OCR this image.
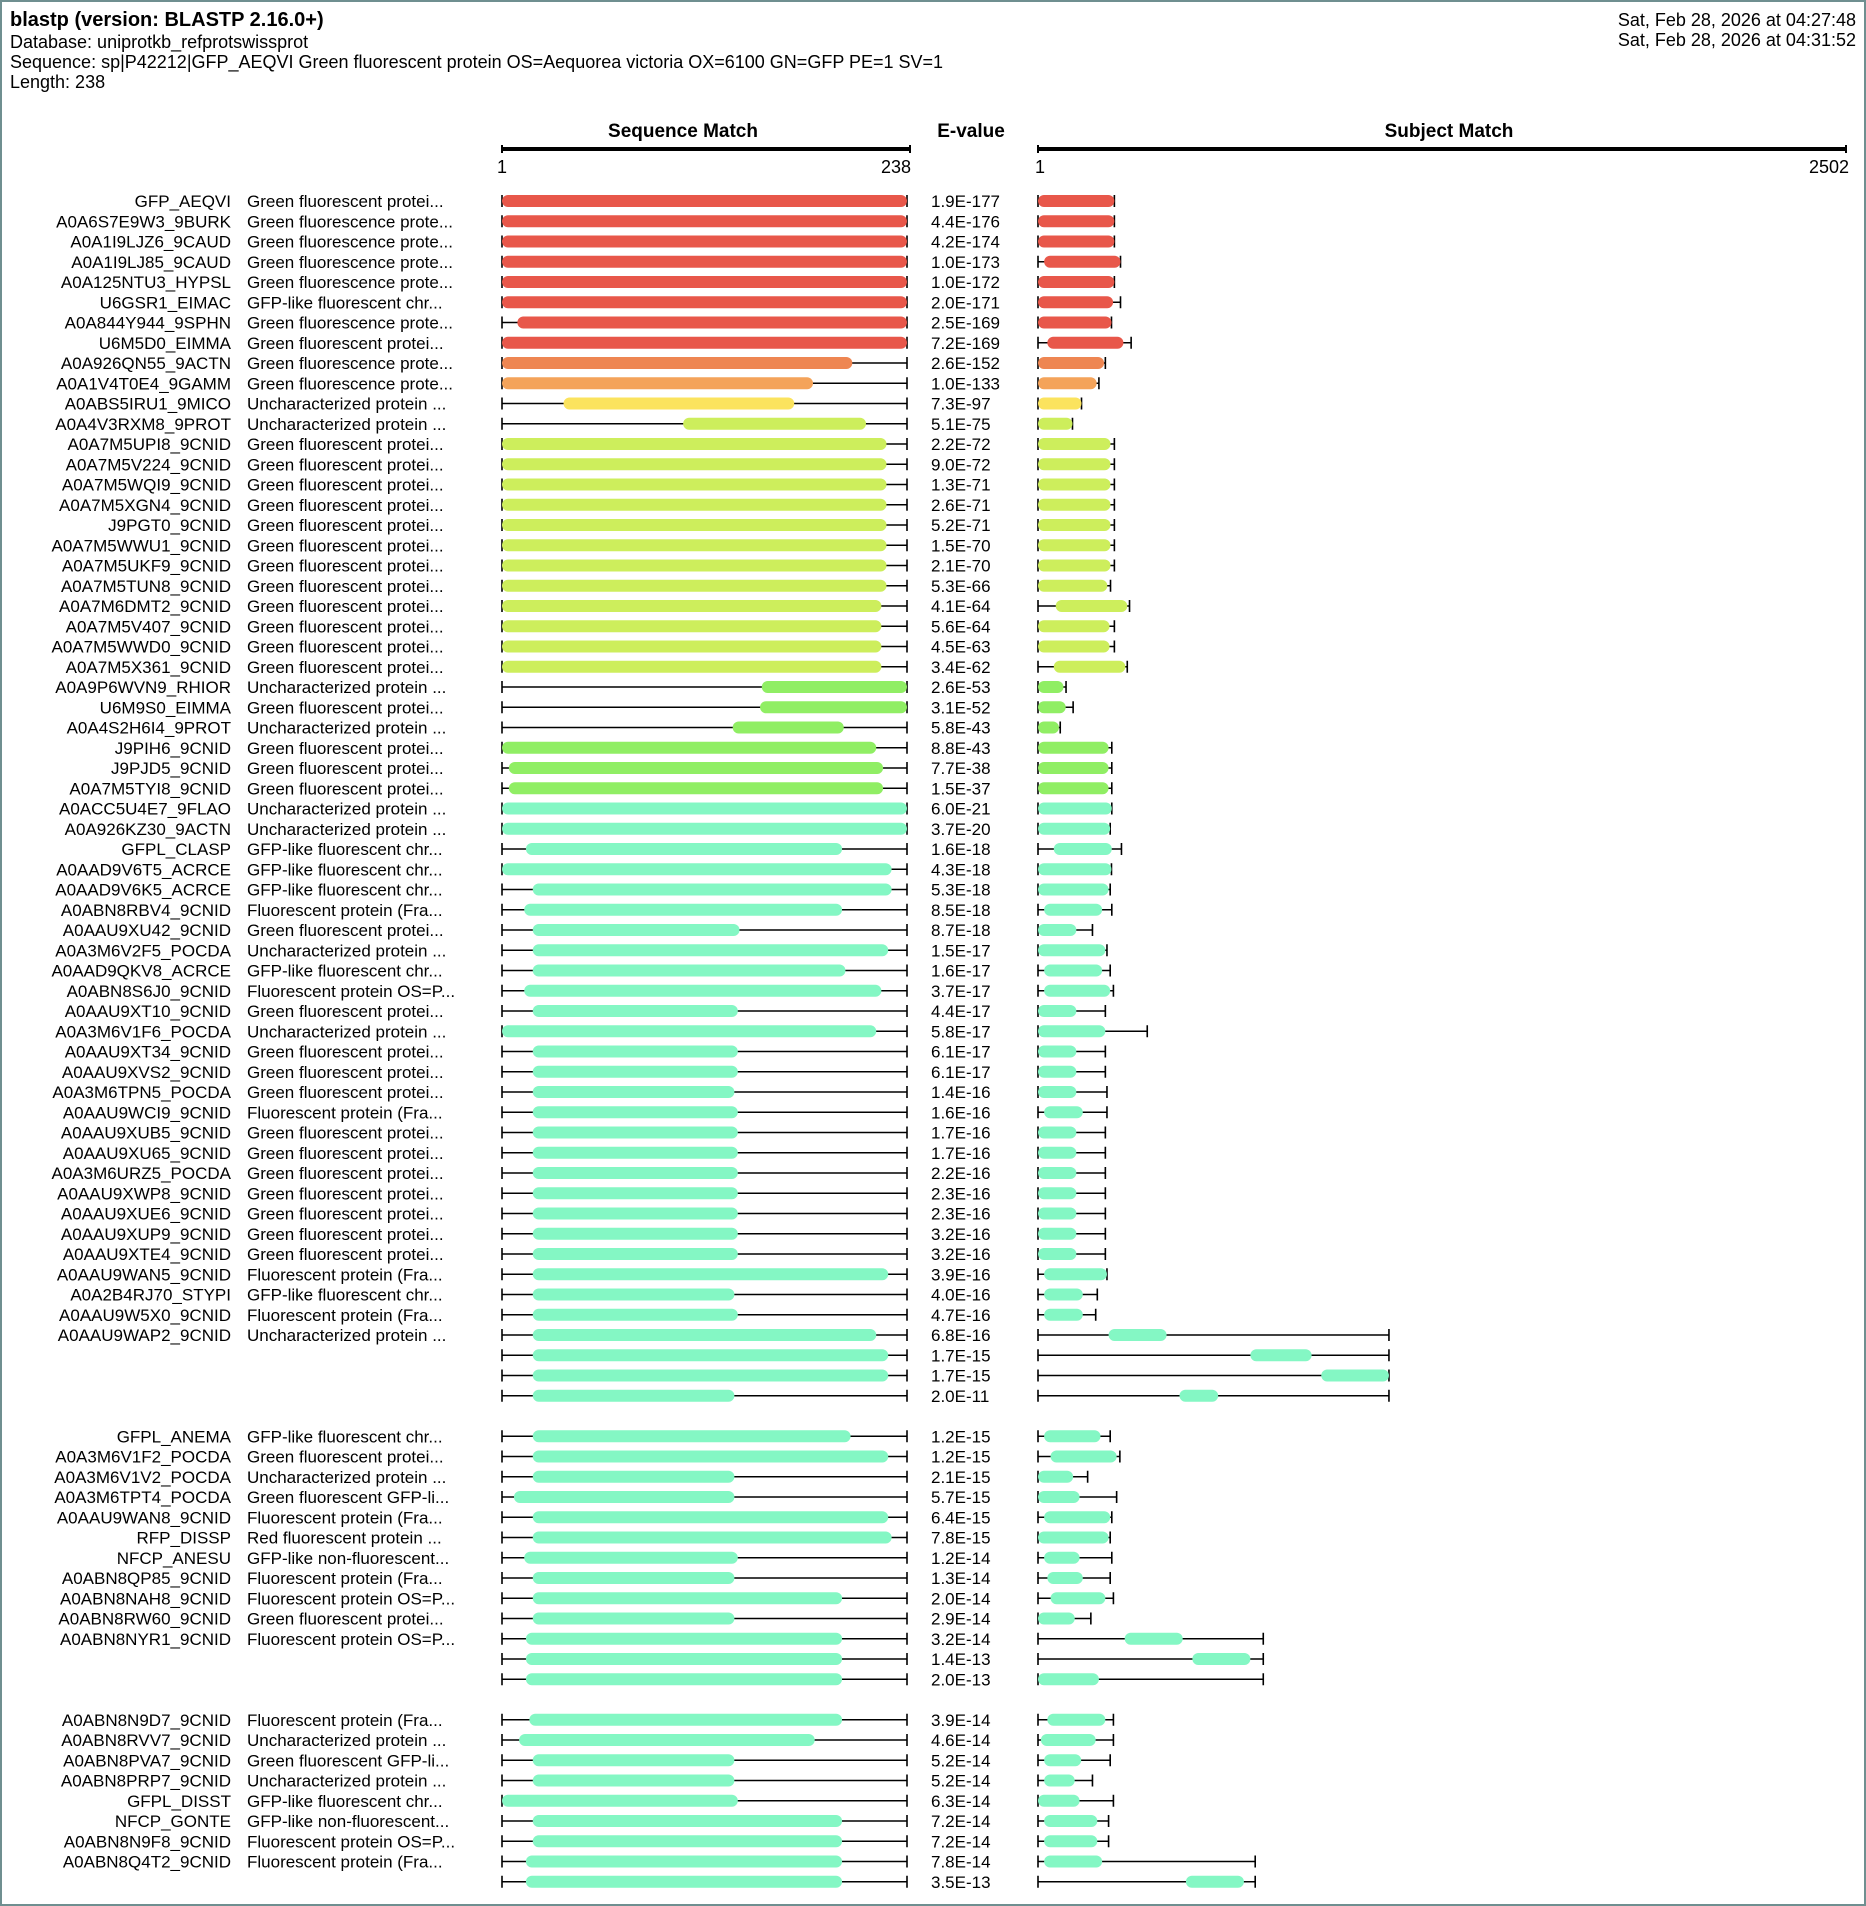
blastp (version: BLASTP 2.16.0+)
Database: uniprotkb_refprotswissprot
Sequence: sp|P42212|GFP_AEQVI Green fluorescent protein OS=Aequorea victoria OX=6100 GN=GFP PE=1 SV=1
Length: 238
Sat, Feb 28, 2026 at 04:27:48
Sat, Feb 28, 2026 at 04:31:52
Sequence Match	E-value	Subject Match
1	238	1	2502
GFP_AEQVI Green fluorescent protei...	1.9E-177
A0A6S7E9W3_9BURK Green fluorescence prote...	4.4E-176
A0A1I9LJZ6_9CAUD Green fluorescence prote...	4.2E-174
A0A1I9LJ85_9CAUD Green fluorescence prote...	1.0E-173
A0A125NTU3_HYPSL Green fluorescence prote...	1.0E-172
U6GSR1_EIMAC GFP-like fluorescent chr...	2.0E-171
A0A844Y944_9SPHN Green fluorescence prote...	2.5E-169
U6M5D0_EIMMA Green fluorescent protei...	7.2E-169
A0A926QN55_9ACTN Green fluorescence prote...	2.6E-152
A0A1V4T0E4_9GAMM Green fluorescence prote...	1.0E-133
A0ABS5IRU1_9MICO Uncharacterized protein ...	7.3E-97
A0A4V3RXM8_9PROT Uncharacterized protein ...	5.1E-75
A0A7M5UPI8_9CNID Green fluorescent protei...	2.2E-72
A0A7M5V224_9CNID Green fluorescent protei...	9.0E-72
A0A7M5WQI9_9CNID Green fluorescent protei...	1.3E-71
A0A7M5XGN4_9CNID Green fluorescent protei...	2.6E-71
J9PGT0_9CNID Green fluorescent protei...	5.2E-71
A0A7M5WWU1_9CNID Green fluorescent protei...	1.5E-70
A0A7M5UKF9_9CNID Green fluorescent protei...	2.1E-70
A0A7M5TUN8_9CNID Green fluorescent protei...	5.3E-66
A0A7M6DMT2_9CNID Green fluorescent protei...	4.1E-64
A0A7M5V407_9CNID Green fluorescent protei...	5.6E-64
A0A7M5WWD0_9CNID Green fluorescent protei...	4.5E-63
A0A7M5X361_9CNID Green fluorescent protei...	3.4E-62
A0A9P6WVN9_RHIOR Uncharacterized protein ...	2.6E-53
U6M9S0_EIMMA Green fluorescent protei...	3.1E-52
A0A4S2H6I4_9PROT Uncharacterized protein ...	5.8E-43
J9PIH6_9CNID Green fluorescent protei...	8.8E-43
J9PJD5_9CNID Green fluorescent protei...	7.7E-38
A0A7M5TYI8_9CNID Green fluorescent protei...	1.5E-37
A0ACC5U4E7_9FLAO Uncharacterized protein ...	6.0E-21
A0A926KZ30_9ACTN Uncharacterized protein ...	3.7E-20
GFPL_CLASP GFP-like fluorescent chr...	1.6E-18
A0AAD9V6T5_ACRCE GFP-like fluorescent chr...	4.3E-18
A0AAD9V6K5_ACRCE GFP-like fluorescent chr...	5.3E-18
A0ABN8RBV4_9CNID Fluorescent protein (Fra...	8.5E-18
A0AAU9XU42_9CNID Green fluorescent protei...	8.7E-18
A0A3M6V2F5_POCDA Uncharacterized protein ...	1.5E-17
A0AAD9QKV8_ACRCE GFP-like fluorescent chr...	1.6E-17
A0ABN8S6J0_9CNID Fluorescent protein OS=P...	3.7E-17
A0AAU9XT10_9CNID Green fluorescent protei...	4.4E-17
A0A3M6V1F6_POCDA Uncharacterized protein ...	5.8E-17
A0AAU9XT34_9CNID Green fluorescent protei...	6.1E-17
A0AAU9XVS2_9CNID Green fluorescent protei...	6.1E-17
A0A3M6TPN5_POCDA Green fluorescent protei...	1.4E-16
A0AAU9WCI9_9CNID Fluorescent protein (Fra...	1.6E-16
A0AAU9XUB5_9CNID Green fluorescent protei...	1.7E-16
A0AAU9XU65_9CNID Green fluorescent protei...	1.7E-16
A0A3M6URZ5_POCDA Green fluorescent protei...	2.2E-16
A0AAU9XWP8_9CNID Green fluorescent protei...	2.3E-16
A0AAU9XUE6_9CNID Green fluorescent protei...	2.3E-16
A0AAU9XUP9_9CNID Green fluorescent protei...	3.2E-16
A0AAU9XTE4_9CNID Green fluorescent protei...	3.2E-16
A0AAU9WAN5_9CNID Fluorescent protein (Fra...	3.9E-16
A0A2B4RJ70_STYPI GFP-like fluorescent chr...	4.0E-16
A0AAU9W5X0_9CNID Fluorescent protein (Fra...	4.7E-16
A0AAU9WAP2_9CNID Uncharacterized protein ...	6.8E-16
1.7E-15
1.7E-15
2.0E-11
GFPL_ANEMA GFP-like fluorescent chr...	1.2E-15
A0A3M6V1F2_POCDA Green fluorescent protei...	1.2E-15
A0A3M6V1V2_POCDA Uncharacterized protein ...	2.1E-15
A0A3M6TPT4_POCDA Green fluorescent GFP-li...	5.7E-15
A0AAU9WAN8_9CNID Fluorescent protein (Fra...	6.4E-15
RFP_DISSP Red fluorescent protein ...	7.8E-15
NFCP_ANESU GFP-like non-fluorescent...	1.2E-14
A0ABN8QP85_9CNID Fluorescent protein (Fra...	1.3E-14
A0ABN8NAH8_9CNID Fluorescent protein OS=P...	2.0E-14
A0ABN8RW60_9CNID Green fluorescent protei...	2.9E-14
A0ABN8NYR1_9CNID Fluorescent protein OS=P...	3.2E-14
1.4E-13
2.0E-13
A0ABN8N9D7_9CNID Fluorescent protein (Fra...	3.9E-14
A0ABN8RVV7_9CNID Uncharacterized protein ...	4.6E-14
A0ABN8PVA7_9CNID Green fluorescent GFP-li...	5.2E-14
A0ABN8PRP7_9CNID Uncharacterized protein ...	5.2E-14
GFPL_DISST GFP-like fluorescent chr...	6.3E-14
NFCP_GONTE GFP-like non-fluorescent...	7.2E-14
A0ABN8N9F8_9CNID Fluorescent protein OS=P...	7.2E-14
A0ABN8Q4T2_9CNID Fluorescent protein (Fra...	7.8E-14
3.5E-13
